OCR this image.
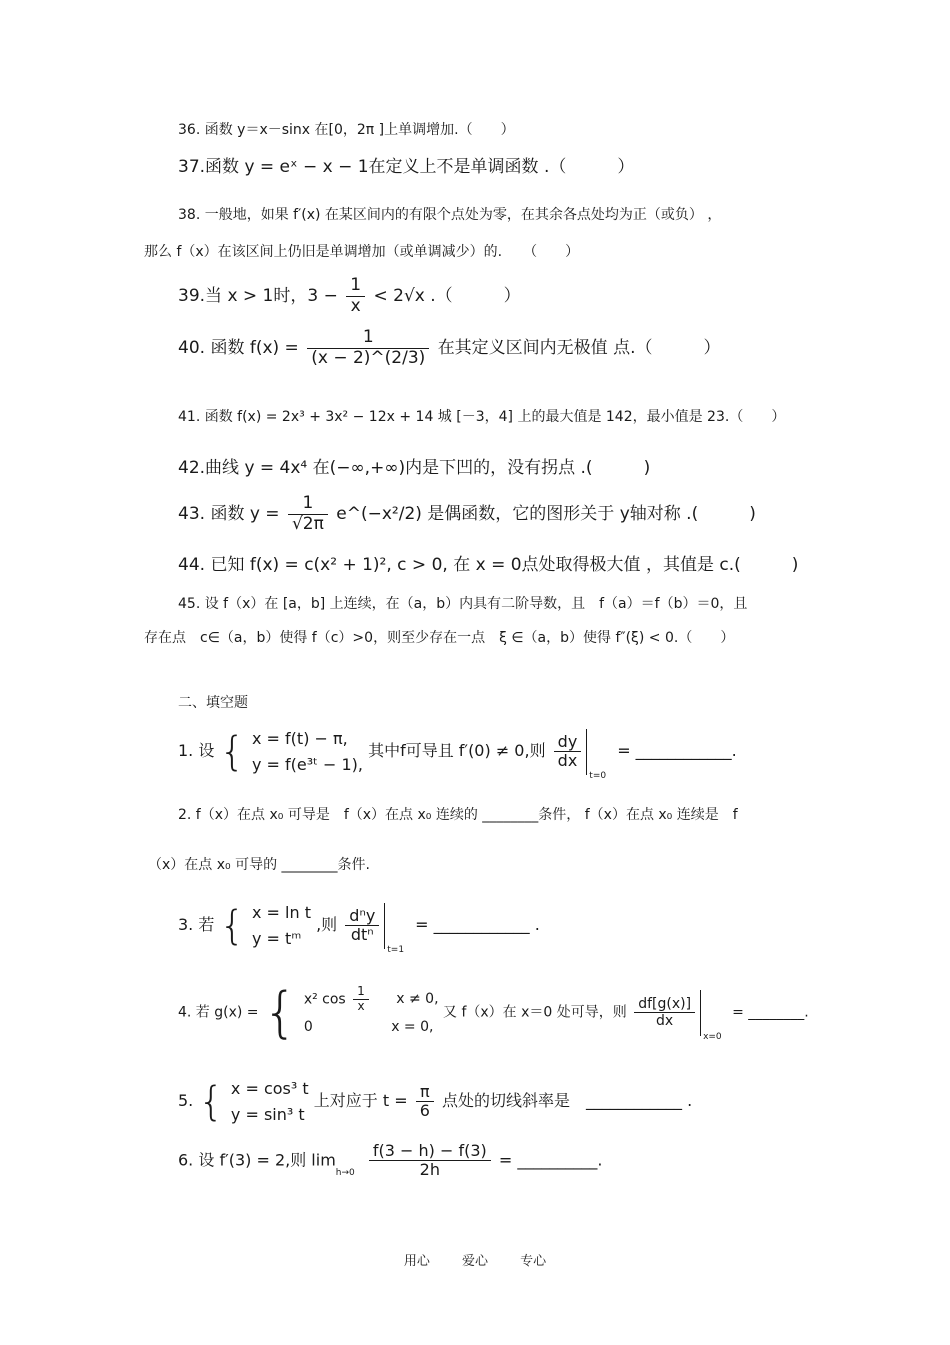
36. 函数 y＝x－sinx 在[0，2π ]上单调增加.（　　）
37.函数 y = eˣ − x − 1在定义上不是单调函数 .（　　　）
38. 一般地，如果 f′(x) 在某区间内的有限个点处为零，在其余各点处均为正（或负） ，
那么 f（x）在该区间上仍旧是单调增加（或单调减少）的.　　（　　）
39.当 x > 1时，$3 - \frac{1}{x} < 2√x$ .（　　　）
40. 函数 $f(x) = \frac{1}{(x - 2)\^{}(2/3)}$ 在其定义区间内无极值 点.（　　　）
41. 函数 f(x) = 2x³ + 3x² − 12x + 14 城 [－3，4] 上的最大值是 142，最小值是 23.（　　）
42.曲线 y = 4x⁴ 在(−∞,+∞)内是下凹的，没有拐点 .(　　　)
43. 函数 $y = \frac{1}{√2\pi}$ e^(−x²/2) 是偶函数，它的图形关于 y轴对称 .(　　　)
44. 已知 f(x) = c(x² + 1)², c > 0, 在 x = 0点处取得极大值 ，其值是 c.(　　　)
45. 设 f（x）在 [a，b] 上连续，在（a，b）内具有二阶导数，且　f（a）＝f（b）＝0，且
存在点　c∈（a，b）使得 f（c）>0，则至少存在一点　ξ ∈（a，b）使得 f″(ξ) < 0.（　　）
二、填空题
1. 设 { x = f(t) − π,
y = f(e³ᵗ − 1),
其中f可导且 f′(0) ≠ 0,则 $\frac{dy}{dx}$
$_{t=0}$ = ____________.
2. f（x）在点 x₀ 可导是　f（x）在点 x₀ 连续的 ________条件， f（x）在点 x₀ 连续是　f
（x）在点 x₀ 可导的 ________条件.
3. 若 { x = ln t
y = tᵐ
,则 $\frac{\text{dⁿy}}{\text{dtⁿ}}$
$_{t=1}$ = ____________ .
4. 若 g(x) = { x² $\cos \frac{1}{x}$ x ≠ 0,
0	x = 0,
又 f（x）在 x＝0 处可导，则 $\frac{df[g(x)]}{dx}$
$_{x=0}$ = ________.
5. { x = cos³ t
y = sin³ t
上对应于 $t = \frac{\pi}{6}$ 点处的切线斜率是　____________ .
6. 设 f′(3) = 2,则 $\lim_{h\to 0} \frac{f(3 - h) - f(3)}{2h}$ = __________.
用心 爱心 专心
